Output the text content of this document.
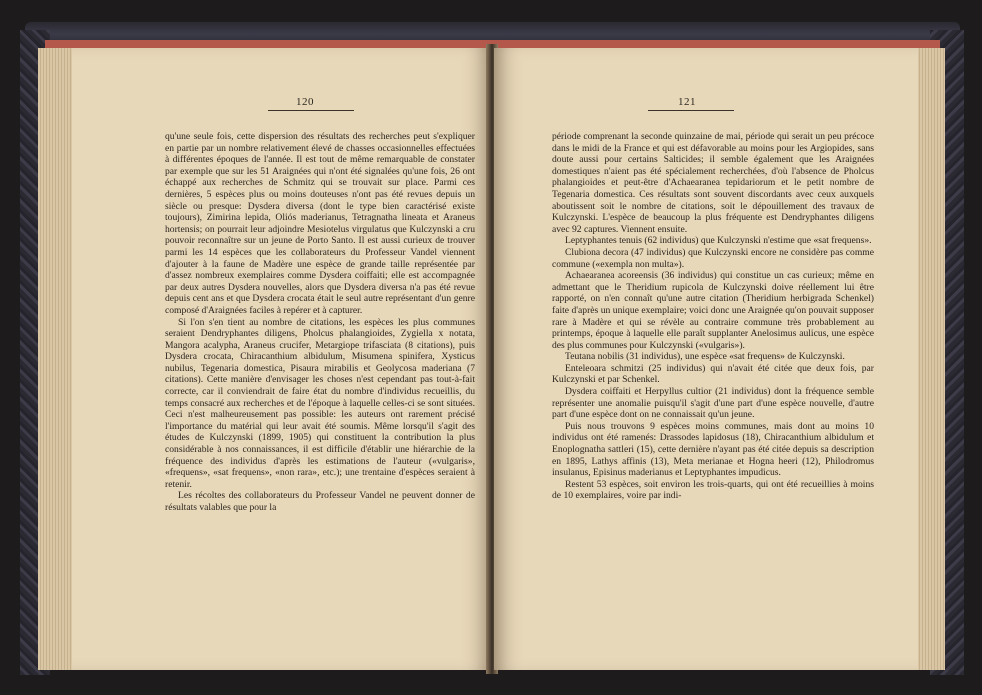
120

qu'une seule fois, cette dispersion des résultats des recherches peut s'expliquer en partie par un nombre relativement élevé de chasses occasionnelles effectuées à différentes époques de l'année. Il est tout de même remarquable de constater par exemple que sur les 51 Araignées qui n'ont été signalées qu'une fois, 26 ont échappé aux recherches de Schmitz qui se trouvait sur place. Parmi ces dernières, 5 espèces plus ou moins douteuses n'ont pas été revues depuis un siècle ou presque: Dysdera diversa (dont le type bien caractérisé existe toujours), Zimirina lepida, Oliós maderianus, Tetragnatha lineata et Araneus hortensis; on pourrait leur adjoindre Mesiotelus virgulatus que Kulczynski a cru pouvoir reconnaître sur un jeune de Porto Santo. Il est aussi curieux de trouver parmi les 14 espèces que les collaborateurs du Professeur Vandel viennent d'ajouter à la faune de Madère une espèce de grande taille représentée par d'assez nombreux exemplaires comme Dysdera coiffaiti; elle est accompagnée par deux autres Dysdera nouvelles, alors que Dysdera diversa n'a pas été revue depuis cent ans et que Dysdera crocata était le seul autre représentant d'un genre composé d'Araignées faciles à repérer et à capturer.

Si l'on s'en tient au nombre de citations, les espèces les plus communes seraient Dendryphantes diligens, Pholcus phalangioides, Zygiella x notata, Mangora acalypha, Araneus crucifer, Metargiope trifasciata (8 citations), puis Dysdera crocata, Chiracanthium albidulum, Misumena spinifera, Xysticus nubilus, Tegenaria domestica, Pisaura mirabilis et Geolycosa maderiana (7 citations). Cette manière d'envisager les choses n'est cependant pas tout-à-fait correcte, car il conviendrait de faire état du nombre d'individus recueillis, du temps consacré aux recherches et de l'époque à laquelle celles-ci se sont situées. Ceci n'est malheureusement pas possible: les auteurs ont rarement précisé l'importance du matérial qui leur avait été soumis. Même lorsqu'il s'agit des études de Kulczynski (1899, 1905) qui constituent la contribution la plus considérable à nos connaissances, il est difficile d'établir une hiérarchie de la fréquence des individus d'après les estimations de l'auteur («vulgaris», «frequens», «sat frequens», «non rara», etc.); une trentaine d'espèces seraient à retenir.

Les récoltes des collaborateurs du Professeur Vandel ne peuvent donner de résultats valables que pour la

121

période comprenant la seconde quinzaine de mai, période qui serait un peu précoce dans le midi de la France et qui est défavorable au moins pour les Argiopides, sans doute aussi pour certains Salticides; il semble également que les Araignées domestiques n'aient pas été spécialement recherchées, d'où l'absence de Pholcus phalangioides et peut-être d'Achaearanea tepidariorum et le petit nombre de Tegenaria domestica. Ces résultats sont souvent discordants avec ceux auxquels aboutissent soit le nombre de citations, soit le dépouillement des travaux de Kulczynski. L'espèce de beaucoup la plus fréquente est Dendryphantes diligens avec 92 captures. Viennent ensuite.

Leptyphantes tenuis (62 individus) que Kulczynski n'estime que «sat frequens».

Clubiona decora (47 individus) que Kulczynski encore ne considère pas comme commune («exempla non multa»).

Achaearanea acoreensis (36 individus) qui constitue un cas curieux; même en admettant que le Theridium rupicola de Kulczynski doive réellement lui être rapporté, on n'en connaît qu'une autre citation (Theridium herbigrada Schenkel) faite d'après un unique exemplaire; voici donc une Araignée qu'on pouvait supposer rare à Madère et qui se révèle au contraire commune très probablement au printemps, époque à laquelle elle paraît supplanter Anelosimus aulicus, une espèce des plus communes pour Kulczynski («vulgaris»).

Teutana nobilis (31 individus), une espèce «sat frequens» de Kulczynski.

Enteleoara schmitzi (25 individus) qui n'avait été citée que deux fois, par Kulczynski et par Schenkel.

Dysdera coiffaiti et Herpyllus cultior (21 individus) dont la fréquence semble représenter une anomalie puisqu'il s'agit d'une part d'une espèce nouvelle, d'autre part d'une espèce dont on ne connaissait qu'un jeune.

Puis nous trouvons 9 espèces moins communes, mais dont au moins 10 individus ont été ramenés: Drassodes lapidosus (18), Chiracanthium albidulum et Enoplognatha sattleri (15), cette dernière n'ayant pas été citée depuis sa description en 1895, Lathys affinis (13), Meta merianae et Hogna heeri (12), Philodromus insulanus, Episinus maderianus et Leptyphantes impudicus.

Restent 53 espèces, soit environ les trois-quarts, qui ont été recueillies à moins de 10 exemplaires, voire par indi-
